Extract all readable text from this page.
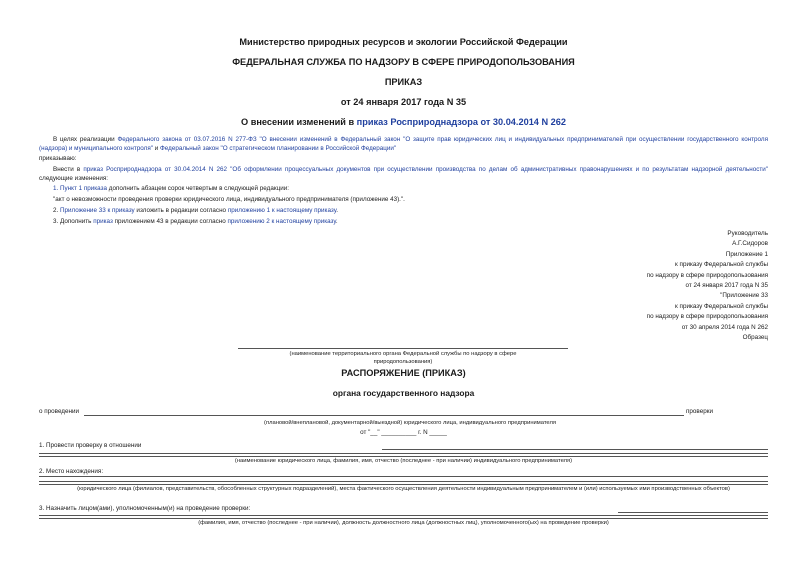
Министерство природных ресурсов и экологии Российской Федерации
ФЕДЕРАЛЬНАЯ СЛУЖБА ПО НАДЗОРУ В СФЕРЕ ПРИРОДОПОЛЬЗОВАНИЯ
ПРИКАЗ
от 24 января 2017 года N 35
О внесении изменений в приказ Росприроднадзора от 30.04.2014 N 262
В целях реализации Федерального закона от 03.07.2016 N 277-ФЗ "О внесении изменений в Федеральный закон "О защите прав юридических лиц и индивидуальных предпринимателей при осуществлении государственного контроля (надзора) и муниципального контроля" и Федеральный закон "О стратегическом планировании в Российской Федерации"
приказываю:
Внести в приказ Росприроднадзора от 30.04.2014 N 262 "Об оформлении процессуальных документов при осуществлении производства по делам об административных правонарушениях и по результатам надзорной деятельности" следующие изменения:
1. Пункт 1 приказа дополнить абзацем сорок четвертым в следующей редакции:
"акт о невозможности проведения проверки юридического лица, индивидуального предпринимателя (приложение 43).".
2. Приложение 33 к приказу изложить в редакции согласно приложению 1 к настоящему приказу.
3. Дополнить приказ приложением 43 в редакции согласно приложению 2 к настоящему приказу.
Руководитель
А.Г.Сидоров
Приложение 1
к приказу Федеральной службы
по надзору в сфере природопользования
от 24 января 2017 года N 35
"Приложение 33
к приказу Федеральной службы
по надзору в сфере природопользования
от 30 апреля 2014 года N 262
Образец
(наименование территориального органа Федеральной службы по надзору в сфере природопользования)
РАСПОРЯЖЕНИЕ (ПРИКАЗ)
органа государственного надзора
о проведении	проверки
(плановой/внеплановой, документарной/выездной) юридического лица, индивидуального предпринимателя
от "__" __________ г. N _____
1. Провести проверку в отношении
(наименование юридического лица, фамилия, имя, отчество (последнее - при наличии) индивидуального предпринимателя)
2. Место нахождения:
(юридического лица (филиалов, представительств, обособленных структурных подразделений), места фактического осуществления деятельности индивидуальным предпринимателем и (или) используемых ими производственных объектов)
3. Назначить лицом(ами), уполномоченным(и) на проведение проверки:
(фамилия, имя, отчество (последнее - при наличии), должность должностного лица (должностных лиц), уполномоченного(ых) на проведение проверки)
